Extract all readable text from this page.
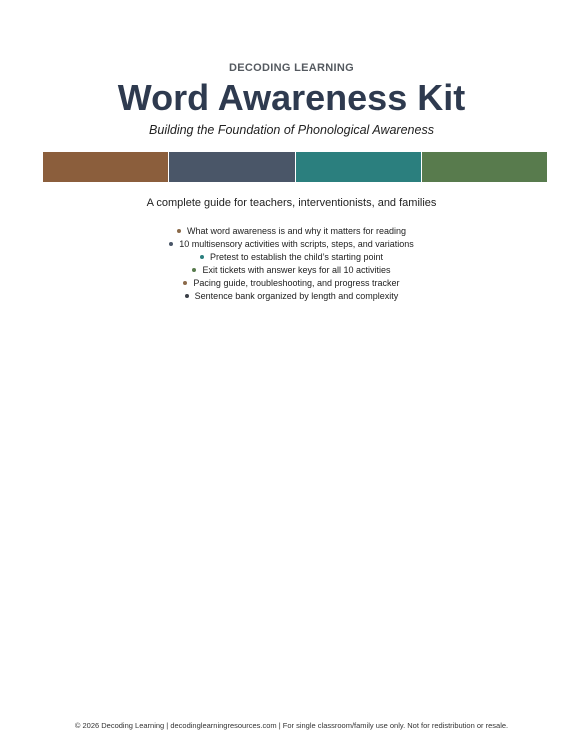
DECODING LEARNING
Word Awareness Kit
Building the Foundation of Phonological Awareness
A complete guide for teachers, interventionists, and families
What word awareness is and why it matters for reading
10 multisensory activities with scripts, steps, and variations
Pretest to establish the child’s starting point
Exit tickets with answer keys for all 10 activities
Pacing guide, troubleshooting, and progress tracker
Sentence bank organized by length and complexity
© 2026 Decoding Learning | decodinglearningresources.com | For single classroom/family use only. Not for redistribution or resale.
